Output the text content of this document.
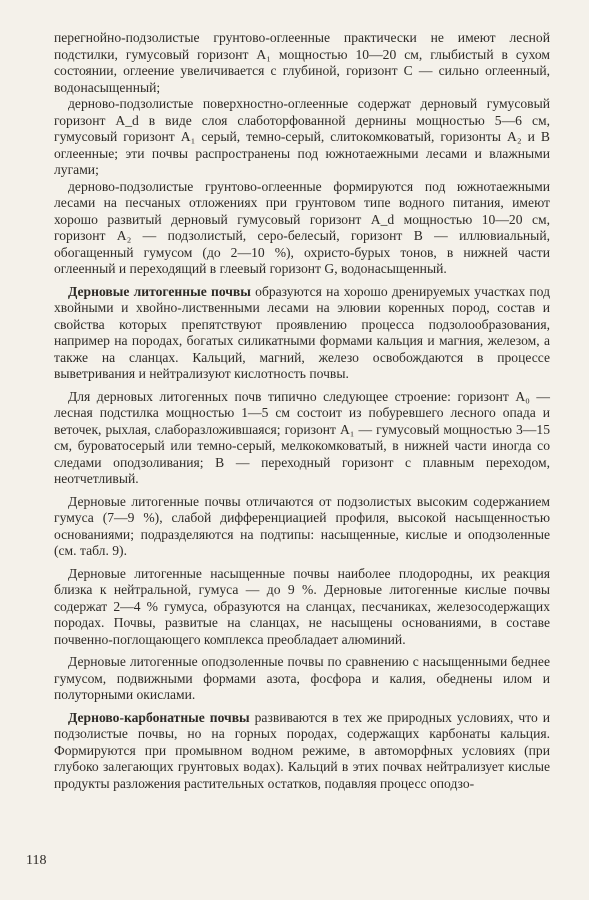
перегнойно-подзолистые грунтово-оглеенные практически не имеют лесной подстилки, гумусовый горизонт A₁ мощностью 10—20 см, глыбистый в сухом состоянии, оглеение увеличивается с глубиной, горизонт C — сильно оглеенный, водонасыщенный;

дерново-подзолистые поверхностно-оглеенные содержат дерновый гумусовый горизонт A_d в виде слоя слаботорфованной дернины мощностью 5—6 см, гумусовый горизонт A₁ серый, темно-серый, слитокомковатый, горизонты A₂ и B оглеенные; эти почвы распространены под южнотаежными лесами и влажными лугами;

дерново-подзолистые грунтово-оглеенные формируются под южнотаежными лесами на песчаных отложениях при грунтовом типе водного питания, имеют хорошо развитый дерновый гумусовый горизонт A_d мощностью 10—20 см, горизонт A₂ — подзолистый, серо-белесый, горизонт B — иллювиальный, обогащенный гумусом (до 2—10 %), охристо-бурых тонов, в нижней части оглеенный и переходящий в глеевый горизонт G, водонасыщенный.

Дерновые литогенные почвы образуются на хорошо дренируемых участках под хвойными и хвойно-лиственными лесами на элювии коренных пород, состав и свойства которых препятствуют проявлению процесса подзолообразования, например на породах, богатых силикатными формами кальция и магния, железом, а также на сланцах. Кальций, магний, железо освобождаются в процессе выветривания и нейтрализуют кислотность почвы.

Для дерновых литогенных почв типично следующее строение: горизонт A₀ — лесная подстилка мощностью 1—5 см состоит из побуревшего лесного опада и веточек, рыхлая, слаборазложившаяся; горизонт A₁ — гумусовый мощностью 3—15 см, буроватосерый или темно-серый, мелкокомковатый, в нижней части иногда со следами оподзоливания; B — переходный горизонт с плавным переходом, неотчетливый.

Дерновые литогенные почвы отличаются от подзолистых высоким содержанием гумуса (7—9 %), слабой дифференциацией профиля, высокой насыщенностью основаниями; подразделяются на подтипы: насыщенные, кислые и оподзоленные (см. табл. 9).

Дерновые литогенные насыщенные почвы наиболее плодородны, их реакция близка к нейтральной, гумуса — до 9 %. Дерновые литогенные кислые почвы содержат 2—4 % гумуса, образуются на сланцах, песчаниках, железосодержащих породах. Почвы, развитые на сланцах, не насыщены основаниями, в составе почвенно-поглощающего комплекса преобладает алюминий.

Дерновые литогенные оподзоленные почвы по сравнению с насыщенными беднее гумусом, подвижными формами азота, фосфора и калия, обеднены илом и полуторными окислами.

Дерново-карбонатные почвы развиваются в тех же природных условиях, что и подзолистые почвы, но на горных породах, содержащих карбонаты кальция. Формируются при промывном водном режиме, в автоморфных условиях (при глубоко залегающих грунтовых водах). Кальций в этих почвах нейтрализует кислые продукты разложения растительных остатков, подавляя процесс оподзо-

118
